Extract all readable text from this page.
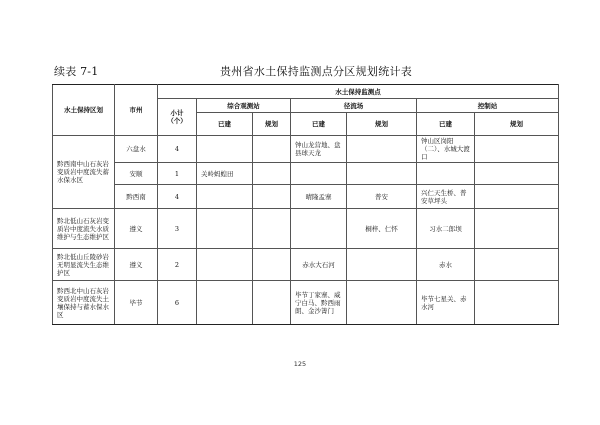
续表 7-1	贵州省水土保持监测点分区规划统计表
水土保持区划	市州	水土保持监测点						
		小计
（个）	综合观测站		径流场		控制站	
			已建	规划	已建	规划	已建	规划
黔西南中山石灰岩变质岩中度流失蓄水保水区	六盘水	4			钟山龙营地、盘县球天龙		钟山区岗阳（二）、水城大渡口	
	安顺	1	关岭蚂蝗田					
	黔西南	4			晴隆孟寨	普安	兴仁天生桥、普安草坪头	
黔北低山石灰岩变质岩中度流失水质维护与生态维护区	遵义	3				桐梓、仁怀	习水二郎坝	
黔北低山丘陵砂岩无明显流失生态维护区	遵义	2			赤水大石河		赤水	
黔西北中山石灰岩变质岩中度流失土壤保持与蓄水保水区	毕节	6			毕节丁家寨、威宁白马、黔西雨朗、金沙箐门		毕节七星关、赤水河	
125
